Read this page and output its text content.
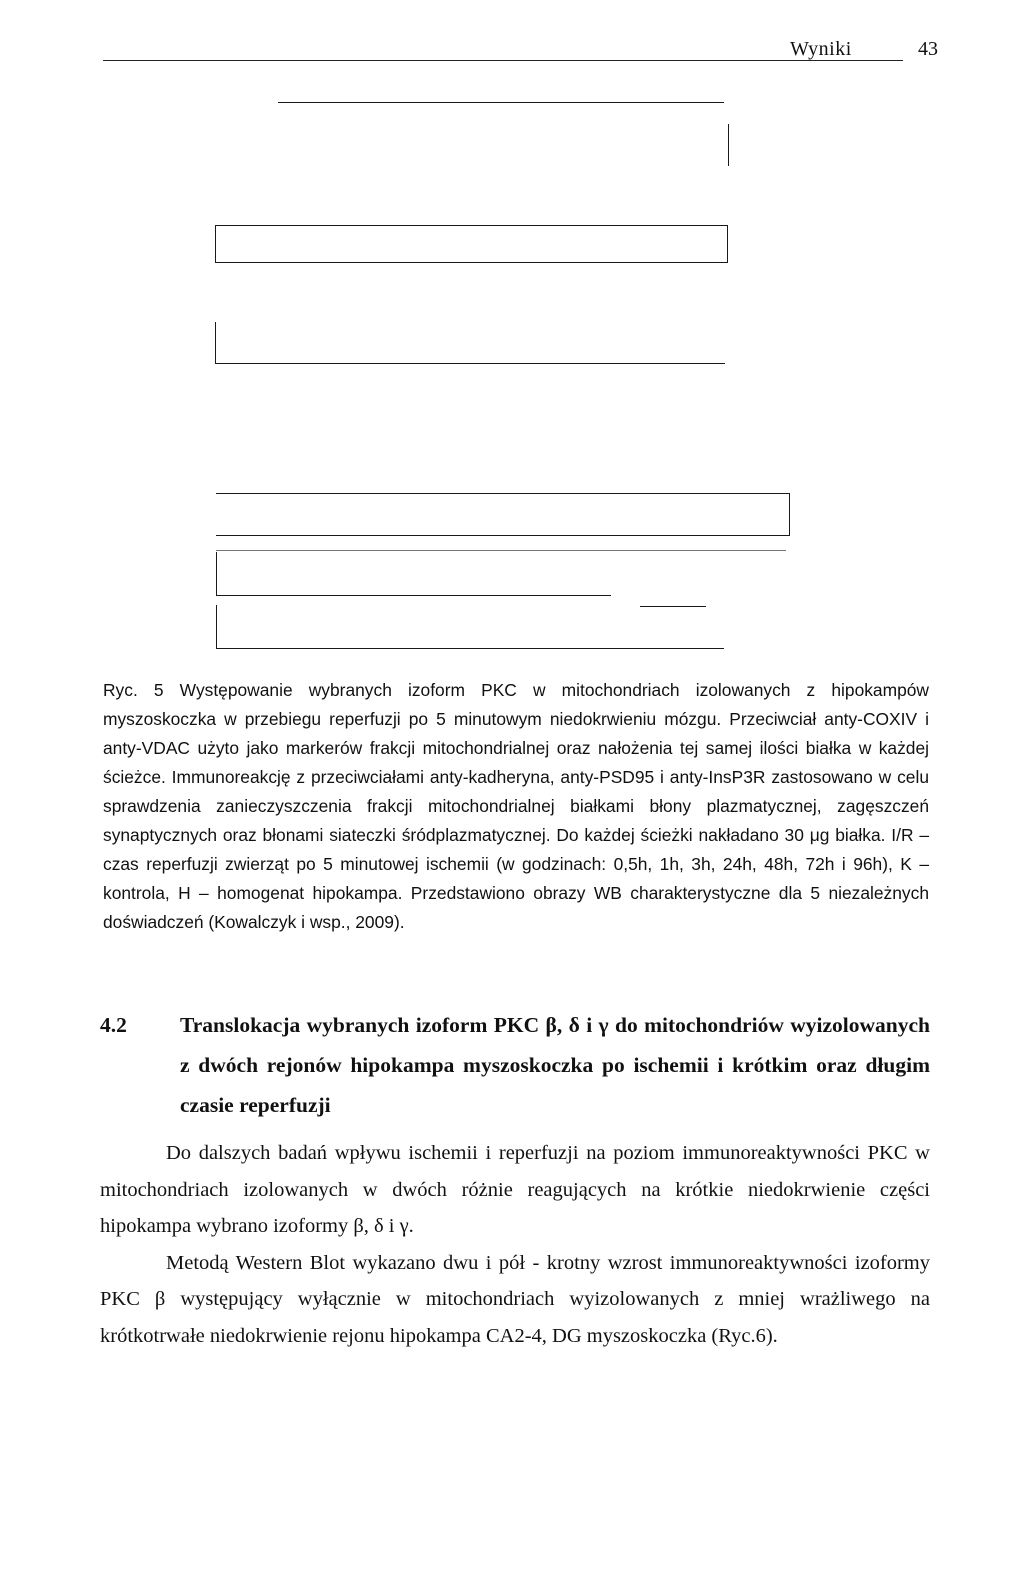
Wyniki	43

Ryc. 5 Występowanie wybranych izoform PKC w mitochondriach izolowanych z hipokampów myszoskoczka w przebiegu reperfuzji po 5 minutowym niedokrwieniu mózgu. Przeciwciał anty-COXIV i anty-VDAC użyto jako markerów frakcji mitochondrialnej oraz nałożenia tej samej ilości białka w każdej ścieżce. Immunoreakcję z przeciwciałami anty-kadheryna, anty-PSD95 i anty-InsP3R zastosowano w celu sprawdzenia zanieczyszczenia frakcji mitochondrialnej białkami błony plazmatycznej, zagęszczeń synaptycznych oraz błonami siateczki śródplazmatycznej. Do każdej ścieżki nakładano 30 μg białka. I/R – czas reperfuzji zwierząt po 5 minutowej ischemii (w godzinach: 0,5h, 1h, 3h, 24h, 48h, 72h i 96h), K – kontrola, H – homogenat hipokampa. Przedstawiono obrazy WB charakterystyczne dla 5 niezależnych doświadczeń (Kowalczyk i wsp., 2009).

4.2 Translokacja wybranych izoform PKC β, δ i γ do mitochondriów wyizolowanych z dwóch rejonów hipokampa myszoskoczka po ischemii i krótkim oraz długim czasie reperfuzji

Do dalszych badań wpływu ischemii i reperfuzji na poziom immunoreaktywności PKC w mitochondriach izolowanych w dwóch różnie reagujących na krótkie niedokrwienie części hipokampa wybrano izoformy β, δ i γ.

Metodą Western Blot wykazano dwu i pół - krotny wzrost immunoreaktywności izoformy PKC β występujący wyłącznie w mitochondriach wyizolowanych z mniej wrażliwego na krótkotrwałe niedokrwienie rejonu hipokampa CA2-4, DG myszoskoczka (Ryc.6).
